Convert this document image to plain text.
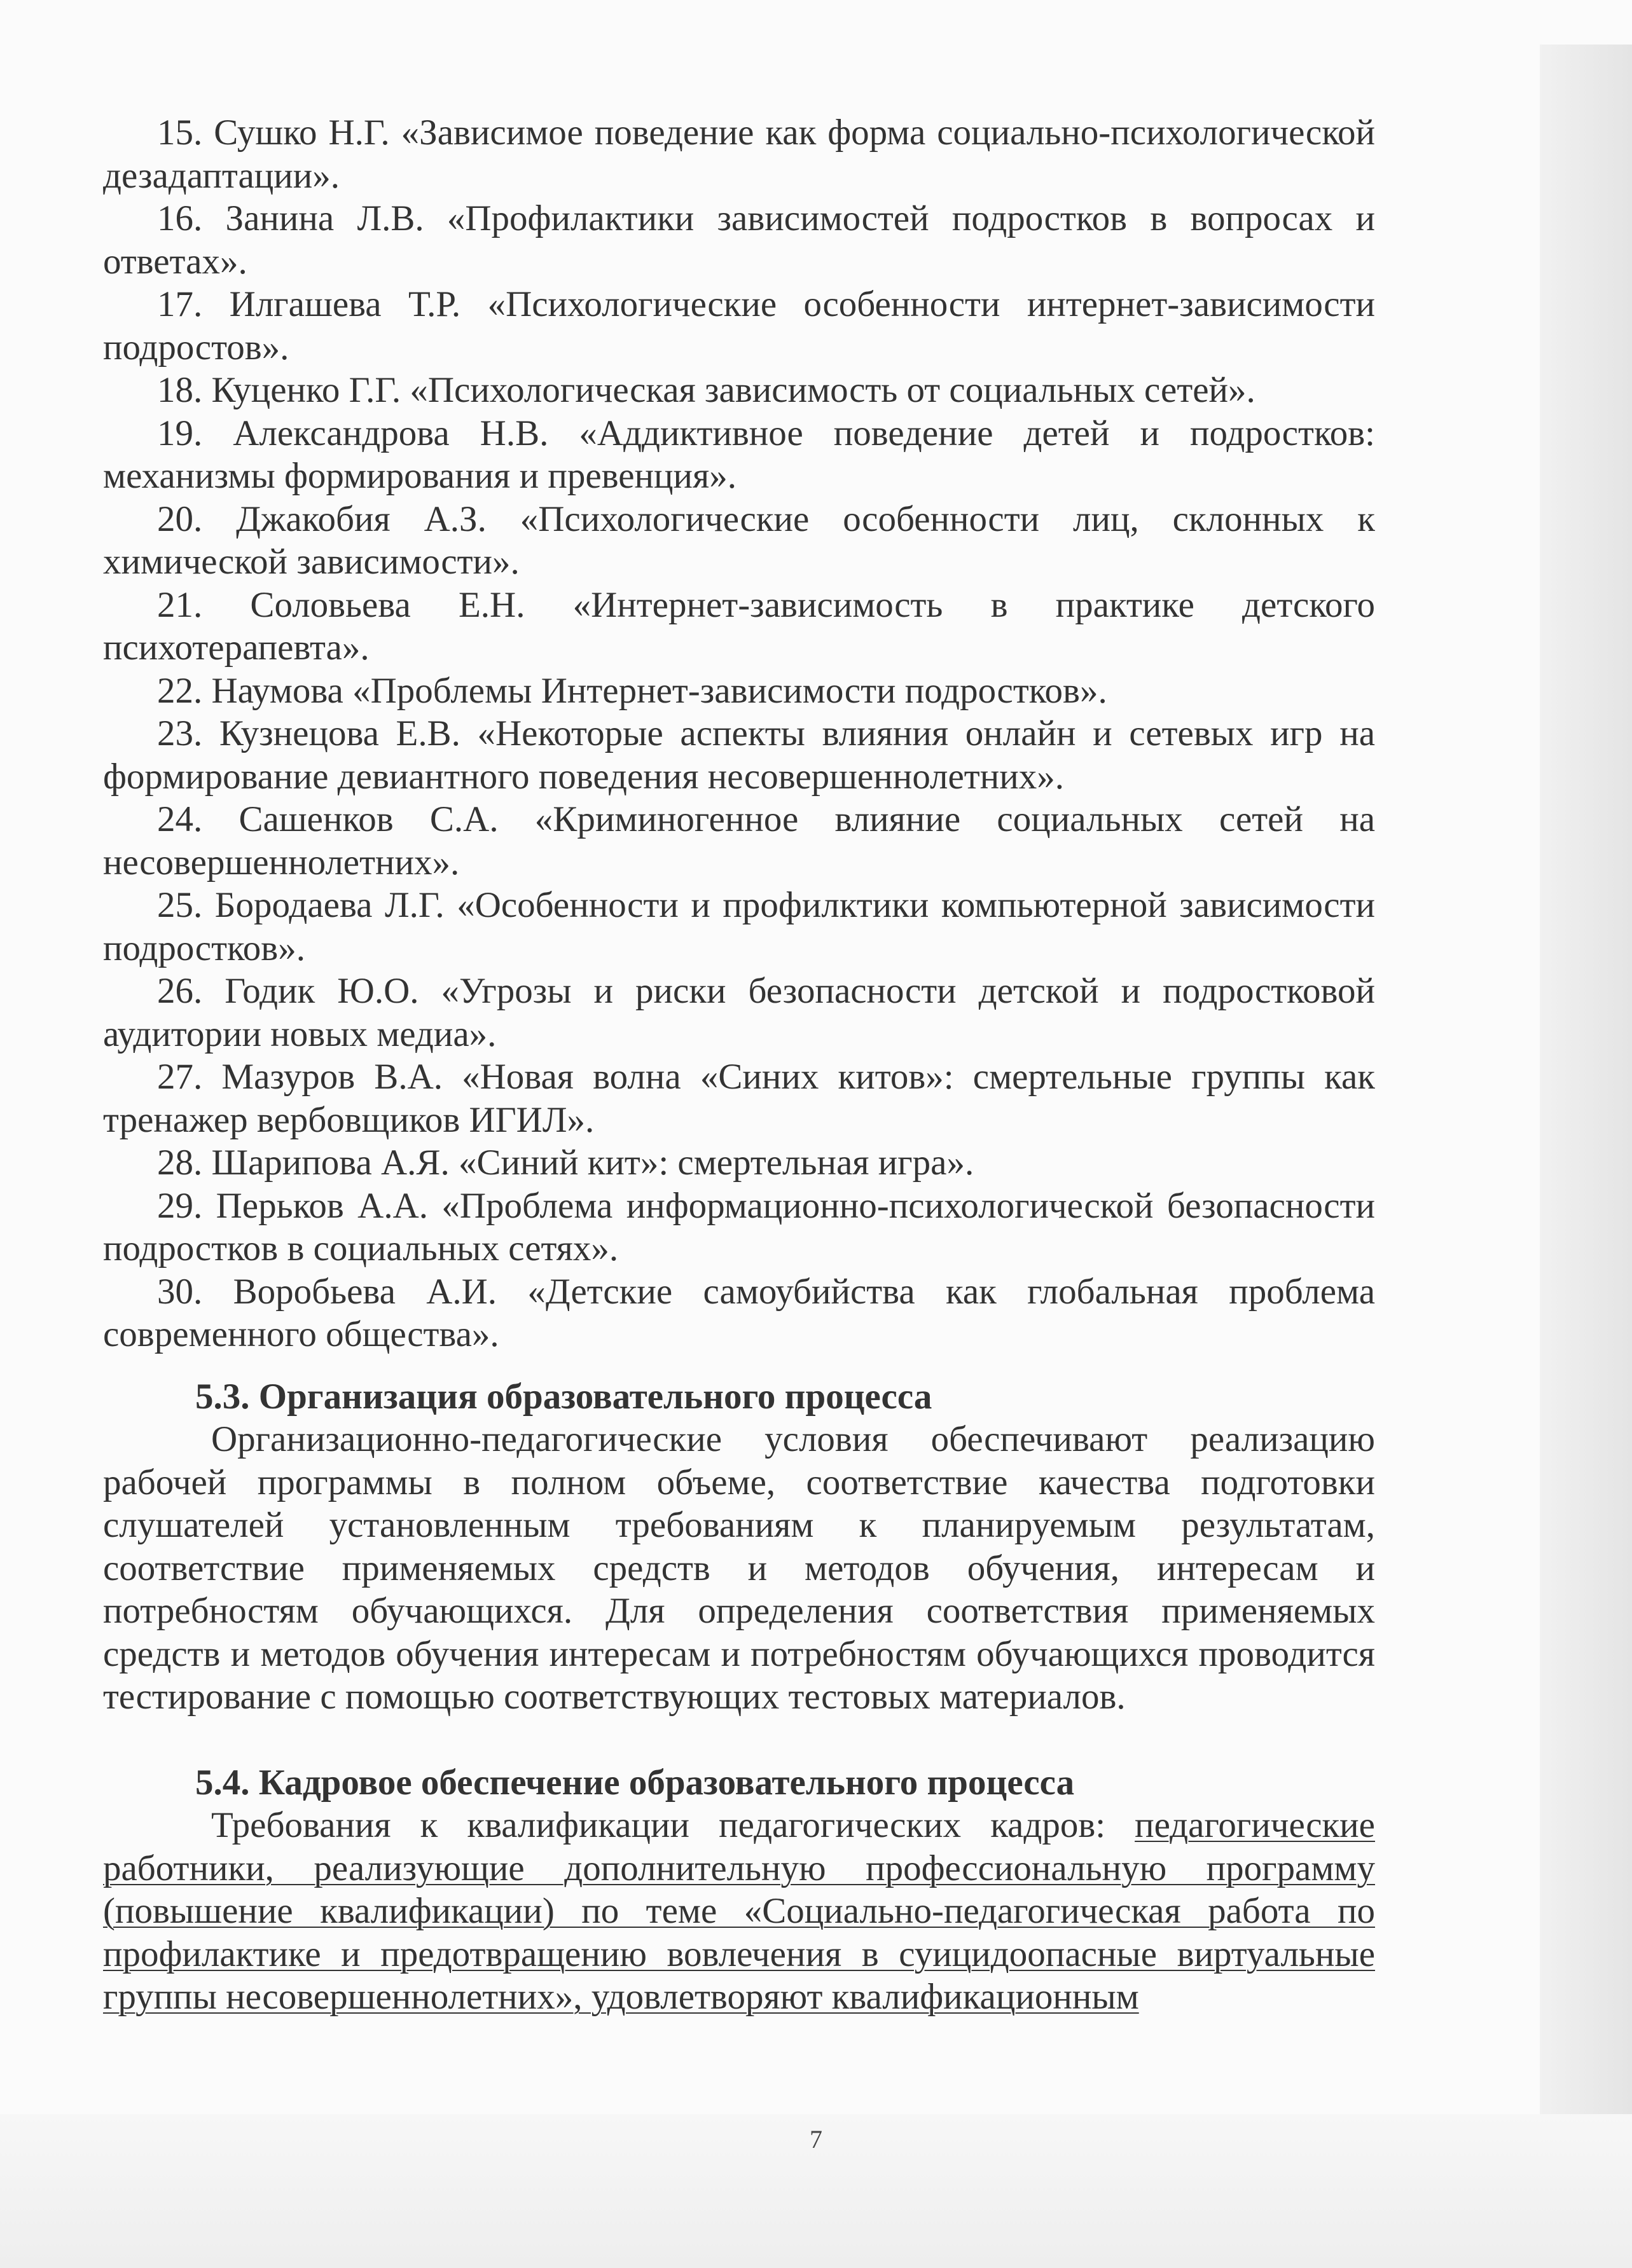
15. Сушко Н.Г. «Зависимое поведение как форма социально-психологической дезадаптации».

16. Занина Л.В. «Профилактики зависимостей подростков в вопросах и ответах».

17. Илгашева Т.Р. «Психологические особенности интернет-зависимости подростов».

18. Куценко Г.Г. «Психологическая зависимость от социальных сетей».

19. Александрова Н.В. «Аддиктивное поведение детей и подростков: механизмы формирования и превенция».

20. Джакобия А.З. «Психологические особенности лиц, склонных к химической зависимости».

21. Соловьева Е.Н. «Интернет-зависимость в практике детского психотерапевта».

22. Наумова «Проблемы Интернет-зависимости подростков».

23. Кузнецова Е.В. «Некоторые аспекты влияния онлайн и сетевых игр на формирование девиантного поведения несовершеннолетних».

24. Сашенков С.А. «Криминогенное влияние социальных сетей на несовершеннолетних».

25. Бородаева Л.Г. «Особенности и профилктики компьютерной зависимости подростков».

26. Годик Ю.О. «Угрозы и риски безопасности детской и подростковой аудитории новых медиа».

27. Мазуров В.А. «Новая волна «Синих китов»: смертельные группы как тренажер вербовщиков ИГИЛ».

28. Шарипова А.Я. «Синий кит»: смертельная игра».

29. Перьков А.А. «Проблема информационно-психологической безопасности подростков в социальных сетях».

30. Воробьева А.И. «Детские самоубийства как глобальная проблема современного общества».

5.3. Организация образовательного процесса

Организационно-педагогические условия обеспечивают реализацию рабочей программы в полном объеме, соответствие качества подготовки слушателей установленным требованиям к планируемым результатам, соответствие применяемых средств и методов обучения, интересам и потребностям обучающихся. Для определения соответствия применяемых средств и методов обучения интересам и потребностям обучающихся проводится тестирование с помощью соответствующих тестовых материалов.

5.4. Кадровое обеспечение образовательного процесса

Требования к квалификации педагогических кадров: педагогические работники, реализующие дополнительную профессиональную программу (повышение квалификации) по теме «Социально-педагогическая работа по профилактике и предотвращению вовлечения в суицидоопасные виртуальные группы несовершеннолетних», удовлетворяют квалификационным

7
